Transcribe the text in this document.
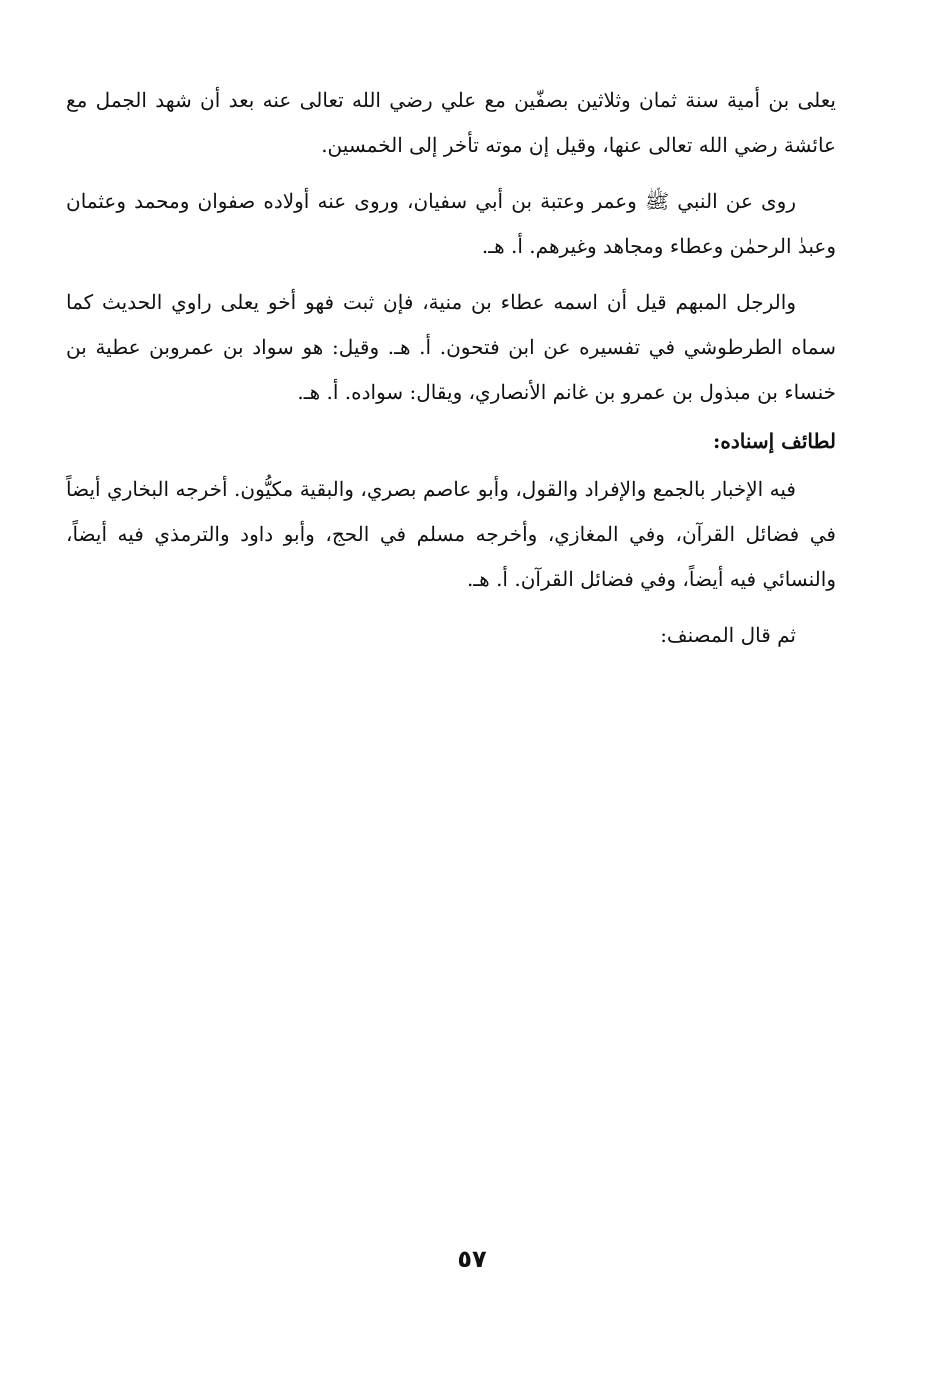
يعلى بن أمية سنة ثمان وثلاثين بصفّين مع علي رضي الله تعالى عنه بعد أن شهد الجمل مع عائشة رضي الله تعالى عنها، وقيل إن موته تأخر إلى الخمسين.

روى عن النبي ﷺ وعمر وعتبة بن أبي سفيان، وروى عنه أولاده صفوان ومحمد وعثمان وعبدٰ الرحمٰن وعطاء ومجاهد وغيرهم. أ. هـ.

والرجل المبهم قيل أن اسمه عطاء بن منية، فإن ثبت فهو أخو يعلى راوي الحديث كما سماه الطرطوشي في تفسيره عن ابن فتحون. أ. هـ. وقيل: هو سواد بن عمروبن عطية بن خنساء بن مبذول بن عمرو بن غانم الأنصاري، ويقال: سواده. أ. هـ.

لطائف إسناده:

فيه الإخبار بالجمع والإفراد والقول، وأبو عاصم بصري، والبقية مكيُّون. أخرجه البخاري أيضاً في فضائل القرآن، وفي المغازي، وأخرجه مسلم في الحج، وأبو داود والترمذي فيه أيضاً، والنسائي فيه أيضاً، وفي فضائل القرآن. أ. هـ.

ثم قال المصنف:

٥٧
